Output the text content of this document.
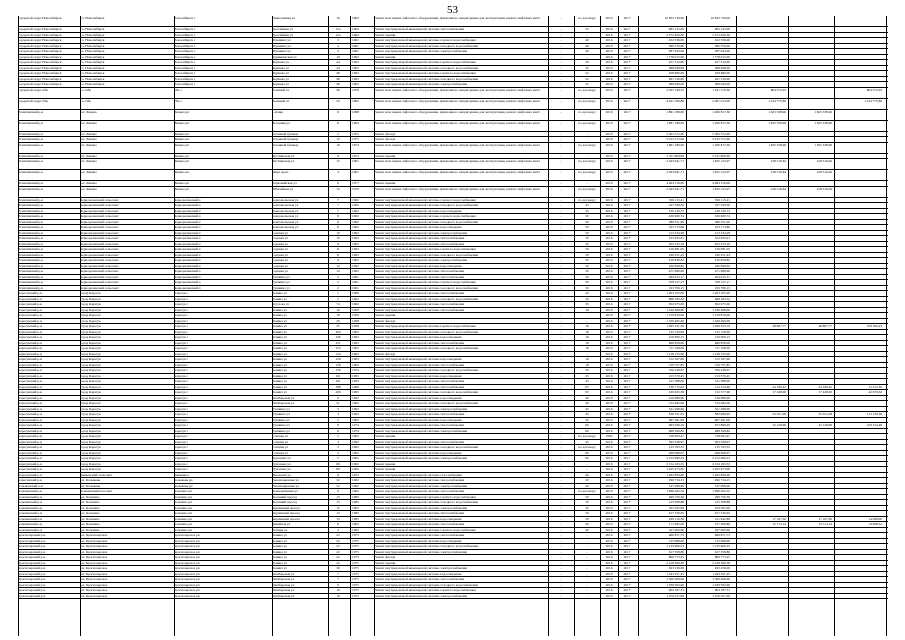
53
городской округ Новосибирск	г.о. Новосибирск	Новосибирск г	Трикотажная ул	16	1964	Ремонт или замена лифтового оборудования, признанного непригодным для эксплуатации, ремонт лифтовых шахт	-	по договору	2016	2017	10 833 736,00	10 833 736,00
городской округ Новосибирск	г.о. Новосибирск	Новосибирск г	Троллейная ул	12a	1964	Ремонт внутридомовой инженерной системы теплоснабжения	-	55	2016	2017	983 135,00	983 135,00
городской округ Новосибирск	г.о. Новосибирск	Новосибирск г	Троллейная ул	12a	1964	Ремонт крыши	-	-	2016	2017	2 272 656,30	2 272 656,30
городской округ Новосибирск	г.о. Новосибирск	Новосибирск г	Шукшина ул	3	1961	Ремонт внутридомовой инженерной системы горячего водоснабжения	-	40	2016	2017	452 536,00	452 536,00
городской округ Новосибирск	г.о. Новосибирск	Новосибирск г	Шукшина ул	4	1961	Ремонт внутридомовой инженерной системы холодного водоснабжения	-	40	2016	2017	380 576,00	380 576,00
городской округ Новосибирск	г.о. Новосибирск	Новосибирск г	Шукшина ул	4	1961	Ремонт внутридомовой инженерной системы электроснабжения	-	40	2016	2017	287 943,00	287 943,00
городской округ Новосибирск	г.о. Новосибирск	Новосибирск г	Ядринцевская ул	19	1962	Ремонт крыши	-	-	2016	2017	1 778 015,00	1 778 015,00
городской округ Новосибирск	г.о. Новосибирск	Новосибирск г	Якушева ул	44	1962	Ремонт внутридомовой инженерной системы горячего водоснабжения	-	50	2016	2017	457 512,00	457 512,00
городской округ Новосибирск	г.о. Новосибирск	Новосибирск г	Якушева ул	44	1962	Ремонт внутридомовой инженерной системы холодного водоснабжения	-	50	2016	2017	288 648,00	288 648,00
городской округ Новосибирск	г.о. Новосибирск	Новосибирск г	Якушева ул	48	1962	Ремонт внутридомовой инженерной системы горячего водоснабжения	-	52	2016	2017	458 680,00	458 680,00
городской округ Новосибирск	г.о. Новосибирск	Новосибирск г	Якушева ул	48	1962	Ремонт внутридомовой инженерной системы холодного водоснабжения	-	52	2016	2017	261 316,00	261 316,00
городской округ Новосибирск	г.о. Новосибирск	Новосибирск г	Якушева ул	48	1962	Ремонт внутридомовой инженерной системы электроснабжения	-	52	2016	2017	289 049,00	289 049,00
городской округ Обь	г.о. Обь	Обь г	Военный гп	49	1979	Ремонт или замена лифтового оборудования, признанного непригодным для эксплуатации, ремонт лифтовых шахт	-	по договору	2016	2017	2 025 748,33	1 161 176,30	864 572,03	864 572,03
городской округ Обь	г.о. Обь	Обь г	Военный гп	50	1982	Ремонт или замена лифтового оборудования, признанного непригодным для эксплуатации, ремонт лифтовых шахт	-	по договору	2016	2017	4 021 790,86	2 007 015,00	1 014 775,86	1 014 775,86
Искитимский р-н	р.п. Линево	Линево рп	1-й мкр	9	1998	Ремонт или замена лифтового оборудования, признанного непригодным для эксплуатации, ремонт лифтовых шахт	-	по договору	2016	2017	1 891 189,00	1 260 817,30	1 625 338,96	1 625 338,96
Искитимский р-н	р.п. Линево	Линево рп	Весенняя ул	8	1994	Ремонт или замена лифтового оборудования, признанного непригодным для эксплуатации, ремонт лифтовых шахт	-	по договору	2016	2017	1 891 189,00	1 260 817,30	1 625 338,96	1 625 338,96
Искитимский р-н	р.п. Линево	Линево рп	Бетонный бульвар	2	1975	Ремонт фасада	-	-	2016	2017	5 362 572,00	5 362 572,00
Искитимский р-н	р.п. Линево	Линево рп	Бетонный бульвар	12	1975	Ремонт фасада	-	-	2016	2017	5 012 372,00	5 012 372,00
Искитимский р-н	р.п. Линево	Линево рп	Бетонный бульвар	10	1974	Ремонт или замена лифтового оборудования, признанного непригодным для эксплуатации, ремонт лифтовых шахт	-	по договору	2016	2017	1 891 189,00	1 260 817,30	1 625 338,96	1 625 338,96
Искитимский р-н	р.п. Линево	Линево рп	Листвянская ул	11	1974	Ремонт крыши	-	-	2016	2017	5 521 609,00	5 521 609,00
Искитимский р-н	р.п. Линево	Линево рп	Листвянская ул	15	1991	Ремонт или замена лифтового оборудования, признанного непригодным для эксплуатации, ремонт лифтовых шахт	-	по договору	2016	2017	2 043 641,71	1 625 125,07	418 516,64	418 516,64
Искитимский р-н	р.п. Линево	Линево рп	Мира пр-кт	4	1991	Ремонт или замена лифтового оборудования, признанного непригодным для эксплуатации, ремонт лифтовых шахт	-	по договору	2016	2017	2 043 641,71	1 625 125,07	418 516,64	418 516,64
Искитимский р-н	р.п. Линево	Линево рп	Первомайская ул	6	1977	Ремонт крыши	-	-	2016	2017	4 484 316,00	4 484 316,00
Искитимский р-н	р.п. Линево	Линево рп	Юбилейная ул	7в	1979	Ремонт или замена лифтового оборудования, признанного непригодным для эксплуатации, ремонт лифтовых шахт	-	по договору	2016	2017	2 043 641,71	1 625 125,07	418 516,64	418 516,64
Искитимский р-н	Чернореченский сельсовет	Чернореченский п	Комсомольская ул	7	1962	Ремонт внутридомовой инженерной системы горячего водоснабжения	-	по договору	2016	2017	356 115,21	356 115,21
Искитимский р-н	Чернореченский сельсовет	Чернореченский п	Комсомольская ул	7	1962	Ремонт внутридомовой инженерной системы холодного водоснабжения	-	43	2016	2017	197 349,30	197 349,30
Искитимский р-н	Чернореченский сельсовет	Чернореченский п	Комсомольская ул	7	1962	Ремонт внутридомовой инженерной системы водоотведения	-	43	2016	2017	120 130,73	120 130,73
Искитимский р-н	Чернореченский сельсовет	Чернореченский п	Комсомольская ул	8	1962	Ремонт внутридомовой инженерной системы горячего водоснабжения	-	50	2016	2017	436 900,74	436 900,74
Искитимский р-н	Чернореченский сельсовет	Чернореченский п	Комсомольская ул	8	1962	Ремонт внутридомовой инженерной системы холодного водоснабжения	-	50	2016	2017	280 911,00	280 911,00
Искитимский р-н	Чернореченский сельсовет	Чернореченский п	Комсомольская ул	8	1962	Ремонт внутридомовой инженерной системы водоотведения	-	50	2016	2017	163 173,86	163 173,86
Искитимский р-н	Чернореченский сельсовет	Чернореченский п	Садовая ул	10	1962	Ремонт внутридомовой инженерной системы электроснабжения	-	50	2016	2017	213 334,28	213 334,28
Искитимский р-н	Чернореченский сельсовет	Чернореченский п	Садовая ул	10	1962	Ремонт внутридомовой инженерной системы теплоснабжения	-	50	2016	2017	523 635,01	523 635,01
Искитимский р-н	Чернореченский сельсовет	Чернореченский п	Садовая ул	11	1962	Ремонт внутридомовой инженерной системы теплоснабжения	-	50	2016	2017	452 235,10	452 235,10
Искитимский р-н	Чернореченский сельсовет	Чернореченский п	Садовая ул	11	1962	Ремонт внутридомовой инженерной системы горячего водоснабжения	-	50	2016	2017	319 081,05	319 081,05
Искитимский р-н	Чернореченский сельсовет	Чернореченский п	Садовая ул	11	1962	Ремонт внутридомовой инженерной системы холодного водоснабжения	-	50	2016	2017	190 251,43	190 251,43
Искитимский р-н	Чернореченский сельсовет	Чернореченский п	Садовая ул	11	1962	Ремонт внутридомовой инженерной системы электроснабжения	-	50	2016	2017	210 839,82	210 839,82
Искитимский р-н	Чернореченский сельсовет	Чернореченский п	Садовая ул	12	1962	Ремонт внутридомовой инженерной системы водоотведения	-	50	2016	2017	160 828,65	160 828,65
Искитимский р-н	Чернореченский сельсовет	Чернореченский п	Садовая ул	12	1962	Ремонт внутридомовой инженерной системы теплоснабжения	-	50	2016	2017	471 089,00	471 089,00
Искитимский р-н	Чернореченский сельсовет	Чернореченский п	Пушкина ул	2	1961	Ремонт внутридомовой инженерной системы теплоснабжения	-	50	2016	2017	294 015,17	294 015,17
Искитимский р-н	Чернореченский сельсовет	Чернореченский п	Пушкина ул	2	1961	Ремонт внутридомовой инженерной системы горячего водоснабжения	-	50	2016	2017	358 127,17	358 127,17
Искитимский р-н	Чернореченский сельсовет	Чернореченский п	Пушкина ул	2	1961	Ремонт внутридомовой инженерной системы холодного водоснабжения	-	50	2016	2017	193 706,15	193 706,15
Карасукский р-н	город Карасук	Карасук г	Ленина ул	1	1960	Ремонт внутридомовой инженерной системы теплоснабжения	-	20	2016	2017	1 203 105,00	1 203 105,00
Карасукский р-н	город Карасук	Карасук г	Ленина ул	2	1962	Ремонт внутридомовой инженерной системы холодного водоснабжения	-	20	2016	2017	668 183,52	668 183,52
Карасукский р-н	город Карасук	Карасук г	Кутузова ул	74	1962	Ремонт внутридомовой инженерной системы теплоснабжения	-	35	2016	2017	652 975,00	652 975,00
Карасукский р-н	город Карасук	Карасук г	Ленина ул	16	1959	Ремонт внутридомовой инженерной системы теплоснабжения	-	18	2016	2017	1 236 468,00	1 236 468,00
Карасукский р-н	город Карасук	Карасук г	Ленина ул	18	1959	Ремонт крыши	-	-	2016	2017	1 159 819,00	1 159 819,00
Карасукский р-н	город Карасук	Карасук г	Ленина ул	20	1958	Ремонт фасада	-	-	2016	2017	1 169 465,00	1 169 465,00
Карасукский р-н	город Карасук	Карасук г	Ленина ул	25	1958	Ремонт внутридомовой инженерной системы горячего водоснабжения	-	16	2016	2017	1 095 221,56	1 046 353,79	48 867,77	48 867,77	478 566,45
Карасукский р-н	город Карасук	Карасук г	Ленина ул	104	1962	Ремонт внутридомовой инженерной системы холодного водоснабжения	-	16	2016	2017	132 159,00	132 159,00
Карасукский р-н	город Карасук	Карасук г	Ленина ул	106	1962	Ремонт внутридомовой инженерной системы водоотведения	-	16	2016	2017	216 000,15	216 000,15
Карасукский р-н	город Карасук	Карасук г	Ленина ул	121	1962	Ремонт внутридомовой инженерной системы теплоснабжения	-	16	2016	2017	666 858,00	666 858,00
Карасукский р-н	город Карасук	Карасук г	Ленина ул	123	1962	Ремонт внутридомовой инженерной системы холодного водоснабжения	-	16	2016	2017	711 108,09	711 108,09
Карасукский р-н	город Карасук	Карасук г	Ленина ул	124	1962	Ремонт фасада	-	-	2016	2017	1 218 155,00	1 218 155,00
Карасукский р-н	город Карасук	Карасук г	Ленина ул	128	1963	Ремонт внутридомовой инженерной системы водоотведения	-	18	2016	2017	152 167,00	152 167,00
Карасукский р-н	город Карасук	Карасук г	Ленина ул	128	1963	Ремонт внутридомовой инженерной системы теплоснабжения	-	18	2016	2017	729 751,85	729 751,85
Карасукский р-н	город Карасук	Карасук г	Ленина ул	156	1974	Ремонт внутридомовой инженерной системы холодного водоснабжения	-	30	2016	2017	356 238,67	356 238,67
Карасукский р-н	город Карасук	Карасук г	Ленина ул	161	1993	Ремонт внутридомовой инженерной системы водоотведения	-	45	2016	2017	213 570,45	213 570,45
Карасукский р-н	город Карасук	Карасук г	Ленина ул	161	1993	Ремонт внутридомовой инженерной системы теплоснабжения	-	45	2016	2017	511 588,00	511 588,00
Карасукский р-н	город Карасук	Карасук г	Ленина ул	188	1986	Ремонт внутридомовой инженерной системы теплоснабжения	-	65	2016	2017	136 715,02	112 534,60	24 180,42	24 180,42	12 212,39
Карасукский р-н	город Карасук	Карасук г	Ленина ул	206	1995	Ремонт внутридомовой инженерной системы холодного водоснабжения	-	65	2016	2017	169 625,58	152 377,68	17 248,00	17 248,00	42 679,32
Карасукский р-н	город Карасук	Карасук г	Октябрьская ул	6	1962	Ремонт внутридомовой инженерной системы водоотведения	-	40	2016	2017	416 086,00	416 086,00
Карасукский р-н	город Карасук	Карасук г	Октябрьская ул	51	1962	Ремонт внутридомовой инженерной системы холодного водоснабжения	-	40	2016	2017	514 482,00	514 482,00
Карасукский р-н	город Карасук	Карасук г	Пушкина ул	3	1962	Ремонт внутридомовой инженерной системы электроснабжения	-	45	2016	2017	321 298,00	321 298,00
Карасукский р-н	город Карасук	Карасук г	Пушкина ул	3	1962	Ремонт внутридомовой инженерной системы теплоснабжения	-	45	2016	2017	638 351,03	582 999,95	55 351,08	55 351,08	113 139,36
Карасукский р-н	город Карасук	Карасук г	Пушкина ул	5	1962	Ремонт внутридомовой инженерной системы водоотведения	-	45	2016	2017	487 291,00	487 291,00
Карасукский р-н	город Карасук	Карасук г	Пушкина ул	8	1974	Ремонт внутридомовой инженерной системы теплоснабжения	-	60	2016	2017	695 026,16	672 896,20	22 129,96	22 129,96	109 154,48
Карасукский р-н	город Карасук	Карасук г	Пушкина ул	8	1974	Ремонт внутридомовой инженерной системы электроснабжения	-	60	2016	2017	488 399,82	488 399,82
Карасукский р-н	город Карасук	Карасук г	Степная ул	2	1962	Ремонт крыши	-	по договору	1962	2017	158 063,47	158 063,47
Карасукский р-н	город Карасук	Карасук г	Степная ул	3	1962	Ремонт внутридомовой инженерной системы теплоснабжения	-	45	2016	2017	393 328,97	393 328,97
Карасукский р-н	город Карасук	Карасук г	Степная ул	3	1962	Ремонт внутридомовой инженерной системы холодного водоснабжения	-	по договору	2016	2017	135 763,53	135 763,53
Карасукский р-н	город Карасук	Карасук г	Степная ул	4	1962	Ремонт внутридомовой инженерной системы водоотведения	-	60	2016	2017	268 698,07	268 698,07
Карасукский р-н	город Карасук	Карасук г	Тургенева ул	5	1962	Ремонт внутридомовой инженерной системы электроснабжения	-	60	2016	2017	2 152 980,23	2 152 980,23
Карасукский р-н	город Карасук	Карасук г	Тургенева ул	66	1962	Ремонт крыши	-	-	2016	2017	2 154 163,53	2 154 163,53
Карасукский р-н	город Карасук	Карасук г	Тургенева ул	80	1962	Ремонт крыши	-	-	2016	2017	1 025 473,00	1 025 473,00
Карасукский р-н	Знаменский сельсовет	Знаменка с	Школьная ул	11	1972	Ремонт внутридомовой инженерной системы газоснабжения	-	40	2016	2017	1 262 859,00	1 262 859,00
Карасукский р-н	р.п. Колывань	Колывань рп	Революционная ул	32	1962	Ремонт внутридомовой инженерной системы теплоснабжения	-	20	2016	2017	296 734,13	296 734,13
Колыванский р-н	р.п. Колывань	Колывань рп	Революционная ул	32	1962	Ремонт внутридомовой инженерной системы электроснабжения	-	20	2016	2017	147 098,00	147 098,00
Коченевский р-н	Коченевский поссовет	Коченево рп	Кооперативная ул	9	1962	Ремонт внутридомовой инженерной системы теплоснабжения	-	по договору	2016	2017	1 996 262,32	1 996 262,32
Коченевский р-н	р.п. Коченево	Коченево рп	Весенний проезд	15	1985	Ремонт внутридомовой инженерной системы горячего водоснабжения	-	50	2016	2017	299 750,30	299 750,30
Коченевский р-н	р.п. Коченево	Коченево рп	Весенний проезд	15	1985	Ремонт внутридомовой инженерной системы холодного водоснабжения	-	50	2016	2017	125 508,88	125 508,88
Коченевский р-н	р.п. Коченево	Коченево рп	Кирпичный проезд	15	1985	Ремонт внутридомовой инженерной системы электроснабжения	-	50	2016	2017	163 505,00	163 505,00
Коченевский р-н	р.п. Коченево	Коченево рп	Кирпичный проезд	15	1985	Ремонт внутридомовой инженерной системы теплоснабжения	-	50	2016	2017	617 330,65	617 330,65
Коченевский р-н	р.п. Коченево	Коченево рп	Кирпичный проезд	15	1985	Ремонт внутридомовой инженерной системы водоотведения	-	50	2016	2017	229 110,36	211 942,86	17 167,50	17 167,50	14 098,00
Коченевский р-н	р.п. Коченево	Коченево рп	Линейная ул	8	1962	Ремонт внутридомовой инженерной системы теплоснабжения	-	40	2016	2017	173 282,00	157 569,86	15 712,14	15 712,14	14 098,32
Коченевский р-н	р.п. Коченево	Коченево рп	Победы ул	3	1962	Ремонт внутридомовой инженерной системы горячего водоснабжения	-	40	2016	2017	167 000,00	167 000,00
Краснозерский р-н	р.п. Краснозерское	Краснозерское рп	Ленина ул	22	1975	Ремонт внутридомовой инженерной системы теплоснабжения	-	-	2016	2017	966 871,73	966 871,73
Краснозерский р-н	р.п. Краснозерское	Краснозерское рп	Ленина ул	22	1975	Ремонт внутридомовой инженерной системы водоотведения	-	-	2016	2017	135 998,00	135 998,00
Краснозерский р-н	р.п. Краснозерское	Краснозерское рп	Ленина ул	22	1975	Ремонт внутридомовой инженерной системы холодного водоснабжения	-	-	2016	2017	1 135 906,23	1 135 906,23
Краснозерский р-н	р.п. Краснозерское	Краснозерское рп	Ленина ул	22	1975	Ремонт внутридомовой инженерной системы электроснабжения	-	-	2016	2017	617 358,80	617 358,80
Краснозерский р-н	р.п. Краснозерское	Краснозерское рп	Ленина ул	22	1975	Ремонт фасада	-	-	2016	2017	869 773,25	869 773,25
Краснозерский р-н	р.п. Краснозерское	Краснозерское рп	Ленина ул	22	1975	Ремонт крыши	-	-	2016	2017	2 418 369,38	2 418 369,38
Краснозерский р-н	р.п. Краснозерское	Краснозерское рп	Ленина ул	30	1975	Ремонт внутридомовой инженерной системы электроснабжения	-	-	2016	2017	493 236,00	493 236,00
Краснозерский р-н	р.п. Краснозерское	Краснозерское рп	Октябрьская ул	7	1975	Ремонт внутридомовой инженерной системы водоотведения	-	-	2016	2017	1 243 911,25	1 243 911,25
Краснозерский р-н	р.п. Краснозерское	Краснозерское рп	Октябрьская ул	7	1975	Ремонт внутридомовой инженерной системы теплоснабжения	-	-	2016	2017	1 360 408,00	1 360 408,00
Краснозерский р-н	р.п. Краснозерское	Краснозерское рп	Октябрьская ул	9	1975	Ремонт внутридомовой инженерной системы холодного водоснабжения	-	-	2016	2017	1 039 593,00	1 039 593,00
Краснозерский р-н	р.п. Краснозерское	Краснозерское рп	Октябрьская ул	10	1975	Ремонт внутридомовой инженерной системы горячего водоснабжения	-	-	2016	2017	904 187,31	904 187,31
Краснозерский р-н	р.п. Краснозерское	Краснозерское рп	Октябрьская ул	19	1975	Ремонт внутридомовой инженерной системы электроснабжения	-	-	2016	2017	1 070 257,00	1 070 257,00
